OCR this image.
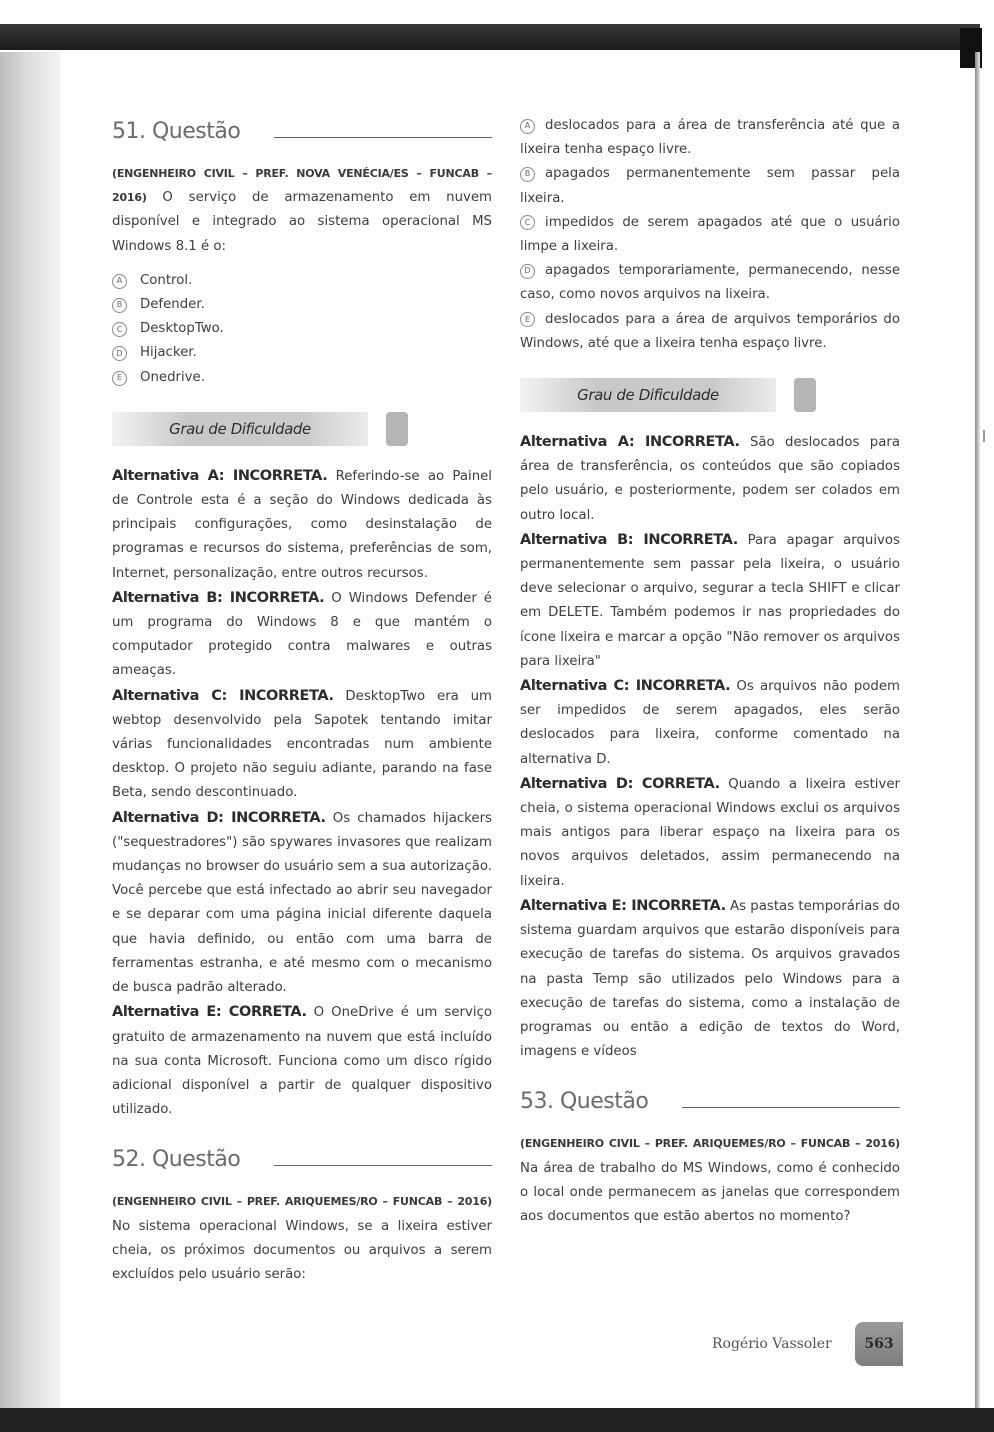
51. Questão

(ENGENHEIRO CIVIL – PREF. NOVA VENÉCIA/ES – FUNCAB – 2016) O serviço de armazenamento em nuvem disponível e integrado ao sistema operacional MS Windows 8.1 é o:

A	Control.
B	Defender.
C	DesktopTwo.
D	Hijacker.
E	Onedrive.
Grau de Dificuldade

Alternativa A: INCORRETA. Referindo-se ao Painel de Controle esta é a seção do Windows dedicada às principais configurações, como desinstalação de programas e recursos do sistema, preferências de som, Internet, personalização, entre outros recursos.

Alternativa B: INCORRETA. O Windows Defender é um programa do Windows 8 e que mantém o computador protegido contra malwares e outras ameaças.

Alternativa C: INCORRETA. DesktopTwo era um webtop desenvolvido pela Sapotek tentando imitar várias funcionalidades encontradas num ambiente desktop. O projeto não seguiu adiante, parando na fase Beta, sendo descontinuado.

Alternativa D: INCORRETA. Os chamados hijackers ("sequestradores") são spywares invasores que realizam mudanças no browser do usuário sem a sua autorização. Você percebe que está infectado ao abrir seu navegador e se deparar com uma página inicial diferente daquela que havia definido, ou então com uma barra de ferramentas estranha, e até mesmo com o mecanismo de busca padrão alterado.

Alternativa E: CORRETA. O OneDrive é um serviço gratuito de armazenamento na nuvem que está incluído na sua conta Microsoft. Funciona como um disco rígido adicional disponível a partir de qualquer dispositivo utilizado.

52. Questão

(ENGENHEIRO CIVIL – PREF. ARIQUEMES/RO – FUNCAB – 2016) No sistema operacional Windows, se a lixeira estiver cheia, os próximos documentos ou arquivos a serem excluídos pelo usuário serão:

A deslocados para a área de transferência até que a lixeira tenha espaço livre.

B apagados permanentemente sem passar pela lixeira.

C impedidos de serem apagados até que o usuário limpe a lixeira.

D apagados temporariamente, permanecendo, nesse caso, como novos arquivos na lixeira.

E deslocados para a área de arquivos temporários do Windows, até que a lixeira tenha espaço livre.

Grau de Dificuldade

Alternativa A: INCORRETA. São deslocados para área de transferência, os conteúdos que são copiados pelo usuário, e posteriormente, podem ser colados em outro local.

Alternativa B: INCORRETA. Para apagar arquivos permanentemente sem passar pela lixeira, o usuário deve selecionar o arquivo, segurar a tecla SHIFT e clicar em DELETE. Também podemos ir nas propriedades do ícone lixeira e marcar a opção "Não remover os arquivos para lixeira"

Alternativa C: INCORRETA. Os arquivos não podem ser impedidos de serem apagados, eles serão deslocados para lixeira, conforme comentado na alternativa D.

Alternativa D: CORRETA. Quando a lixeira estiver cheia, o sistema operacional Windows exclui os arquivos mais antigos para liberar espaço na lixeira para os novos arquivos deletados, assim permanecendo na lixeira.

Alternativa E: INCORRETA. As pastas temporárias do sistema guardam arquivos que estarão disponíveis para execução de tarefas do sistema. Os arquivos gravados na pasta Temp são utilizados pelo Windows para a execução de tarefas do sistema, como a instalação de programas ou então a edição de textos do Word, imagens e vídeos

53. Questão

(ENGENHEIRO CIVIL – PREF. ARIQUEMES/RO – FUNCAB – 2016) Na área de trabalho do MS Windows, como é conhecido o local onde permanecem as janelas que correspondem aos documentos que estão abertos no momento?

Rogério Vassoler	563
